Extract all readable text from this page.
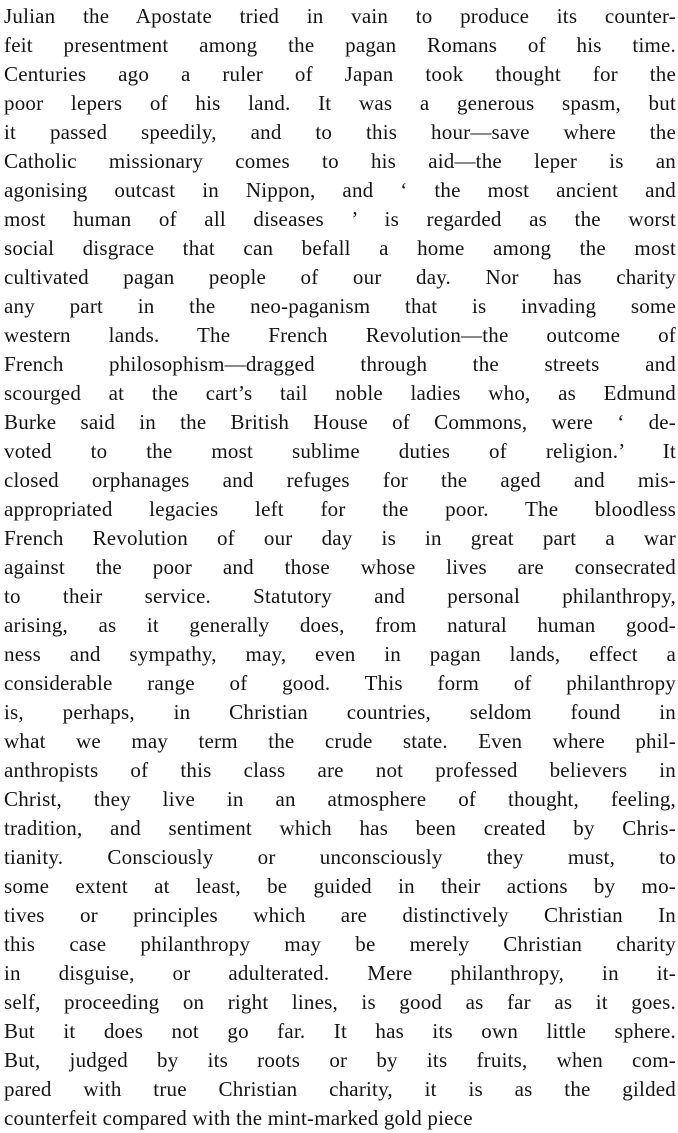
Julian the Apostate tried in vain to produce its counter-
feit presentment among the pagan Romans of his time.
Centuries ago a ruler of Japan took thought for the
poor lepers of his land. It was a generous spasm, but
it passed speedily, and to this hour—save where the
Catholic missionary comes to his aid—the leper is an
agonising outcast in Nippon, and ‘ the most ancient and
most human of all diseases ’ is regarded as the worst
social disgrace that can befall a home among the most
cultivated pagan people of our day. Nor has charity
any part in the neo-paganism that is invading some
western lands. The French Revolution—the outcome of
French philosophism—dragged through the streets and
scourged at the cart’s tail noble ladies who, as Edmund
Burke said in the British House of Commons, were ‘ de-
voted to the most sublime duties of religion.’ It
closed orphanages and refuges for the aged and mis-
appropriated legacies left for the poor. The bloodless
French Revolution of our day is in great part a war
against the poor and those whose lives are consecrated
to their service. Statutory and personal philanthropy,
arising, as it generally does, from natural human good-
ness and sympathy, may, even in pagan lands, effect a
considerable range of good. This form of philanthropy
is, perhaps, in Christian countries, seldom found in
what we may term the crude state. Even where phil-
anthropists of this class are not professed believers in
Christ, they live in an atmosphere of thought, feeling,
tradition, and sentiment which has been created by Chris-
tianity. Consciously or unconsciously they must, to
some extent at least, be guided in their actions by mo-
tives or principles which are distinctively Christian In
this case philanthropy may be merely Christian charity
in disguise, or adulterated. Mere philanthropy, in it-
self, proceeding on right lines, is good as far as it goes.
But it does not go far. It has its own little sphere.
But, judged by its roots or by its fruits, when com-
pared with true Christian charity, it is as the gilded
counterfeit compared with the mint-marked gold piece
